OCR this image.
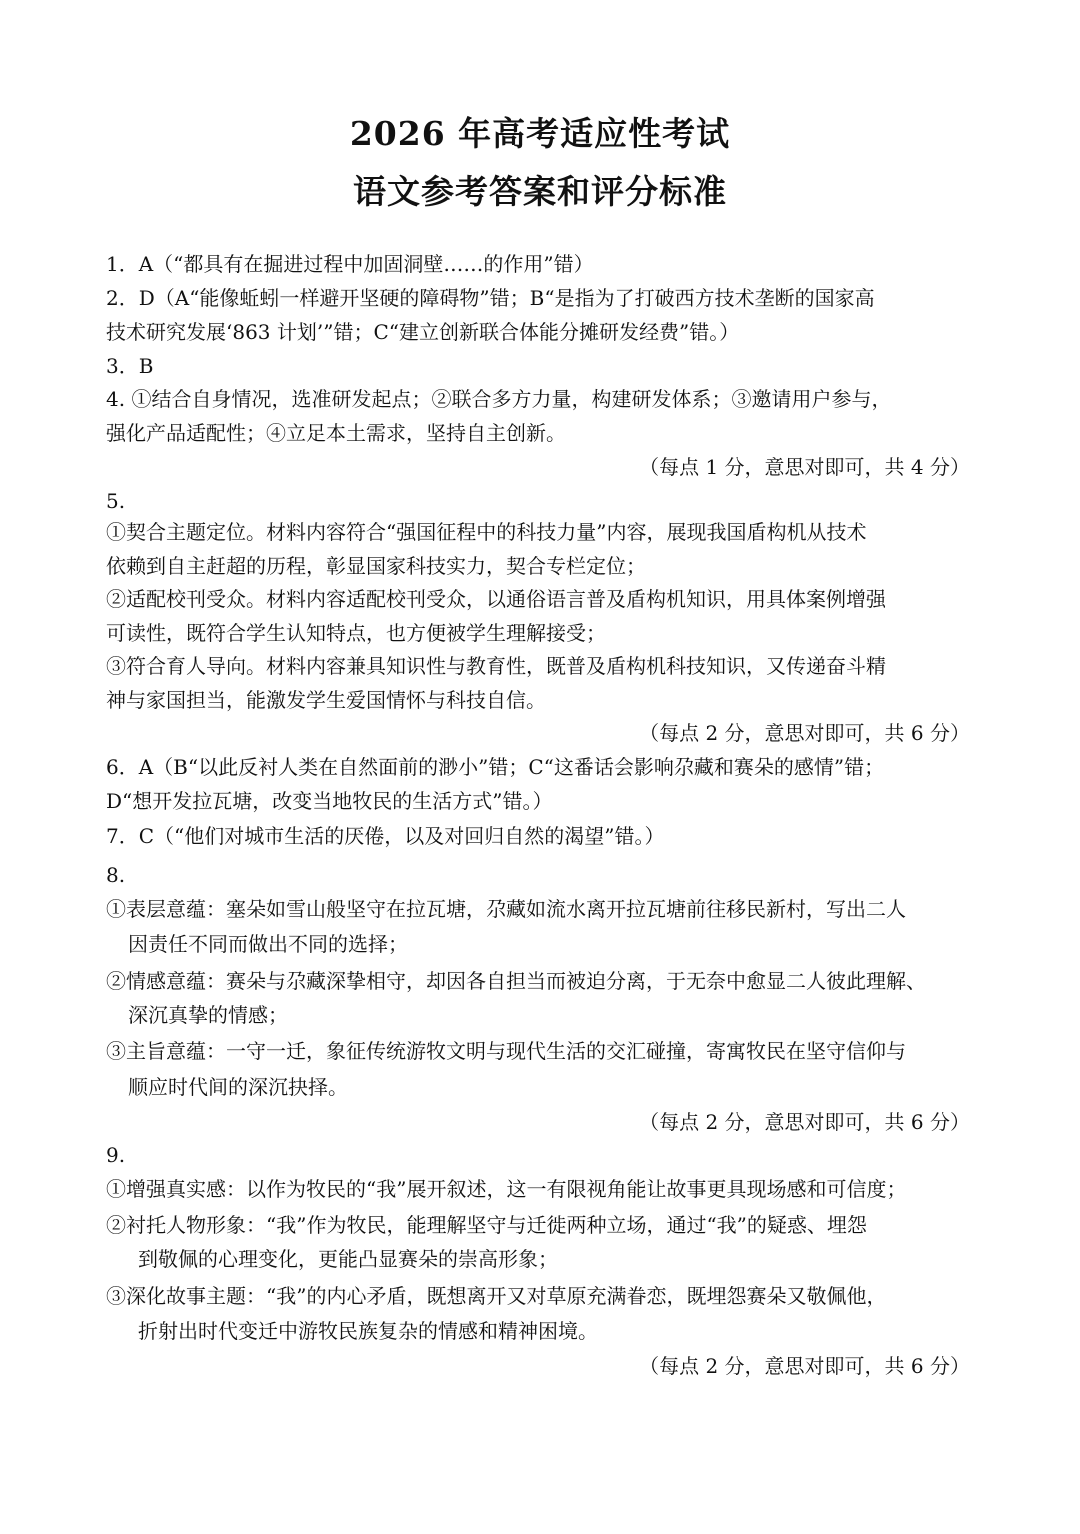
2026 年高考适应性考试
语文参考答案和评分标准
1．A（“都具有在掘进过程中加固洞壁……的作用”错）
2．D（A“能像蚯蚓一样避开坚硬的障碍物”错；B“是指为了打破西方技术垄断的国家高
技术研究发展‘863 计划’”错；C“建立创新联合体能分摊研发经费”错。）
3．B
4. ①结合自身情况，选准研发起点；②联合多方力量，构建研发体系；③邀请用户参与，
强化产品适配性；④立足本土需求，坚持自主创新。
（每点 1 分，意思对即可，共 4 分）
5.
①契合主题定位。材料内容符合“强国征程中的科技力量”内容，展现我国盾构机从技术
依赖到自主赶超的历程，彰显国家科技实力，契合专栏定位；
②适配校刊受众。材料内容适配校刊受众，以通俗语言普及盾构机知识，用具体案例增强
可读性，既符合学生认知特点，也方便被学生理解接受；
③符合育人导向。材料内容兼具知识性与教育性，既普及盾构机科技知识，又传递奋斗精
神与家国担当，能激发学生爱国情怀与科技自信。
（每点 2 分，意思对即可，共 6 分）
6．A（B“以此反衬人类在自然面前的渺小”错；C“这番话会影响尕藏和赛朵的感情”错；
D“想开发拉瓦塘，改变当地牧民的生活方式”错。）
7．C（“他们对城市生活的厌倦，以及对回归自然的渴望”错。）
8.
①表层意蕴：塞朵如雪山般坚守在拉瓦塘，尕藏如流水离开拉瓦塘前往移民新村，写出二人
因责任不同而做出不同的选择；
②情感意蕴：赛朵与尕藏深挚相守，却因各自担当而被迫分离，于无奈中愈显二人彼此理解、
深沉真挚的情感；
③主旨意蕴：一守一迁，象征传统游牧文明与现代生活的交汇碰撞，寄寓牧民在坚守信仰与
顺应时代间的深沉抉择。
（每点 2 分，意思对即可，共 6 分）
9.
①增强真实感：以作为牧民的“我”展开叙述，这一有限视角能让故事更具现场感和可信度；
②衬托人物形象：“我”作为牧民，能理解坚守与迁徙两种立场，通过“我”的疑惑、埋怨
到敬佩的心理变化，更能凸显赛朵的崇高形象；
③深化故事主题：“我”的内心矛盾，既想离开又对草原充满眷恋，既埋怨赛朵又敬佩他，
折射出时代变迁中游牧民族复杂的情感和精神困境。
（每点 2 分，意思对即可，共 6 分）
